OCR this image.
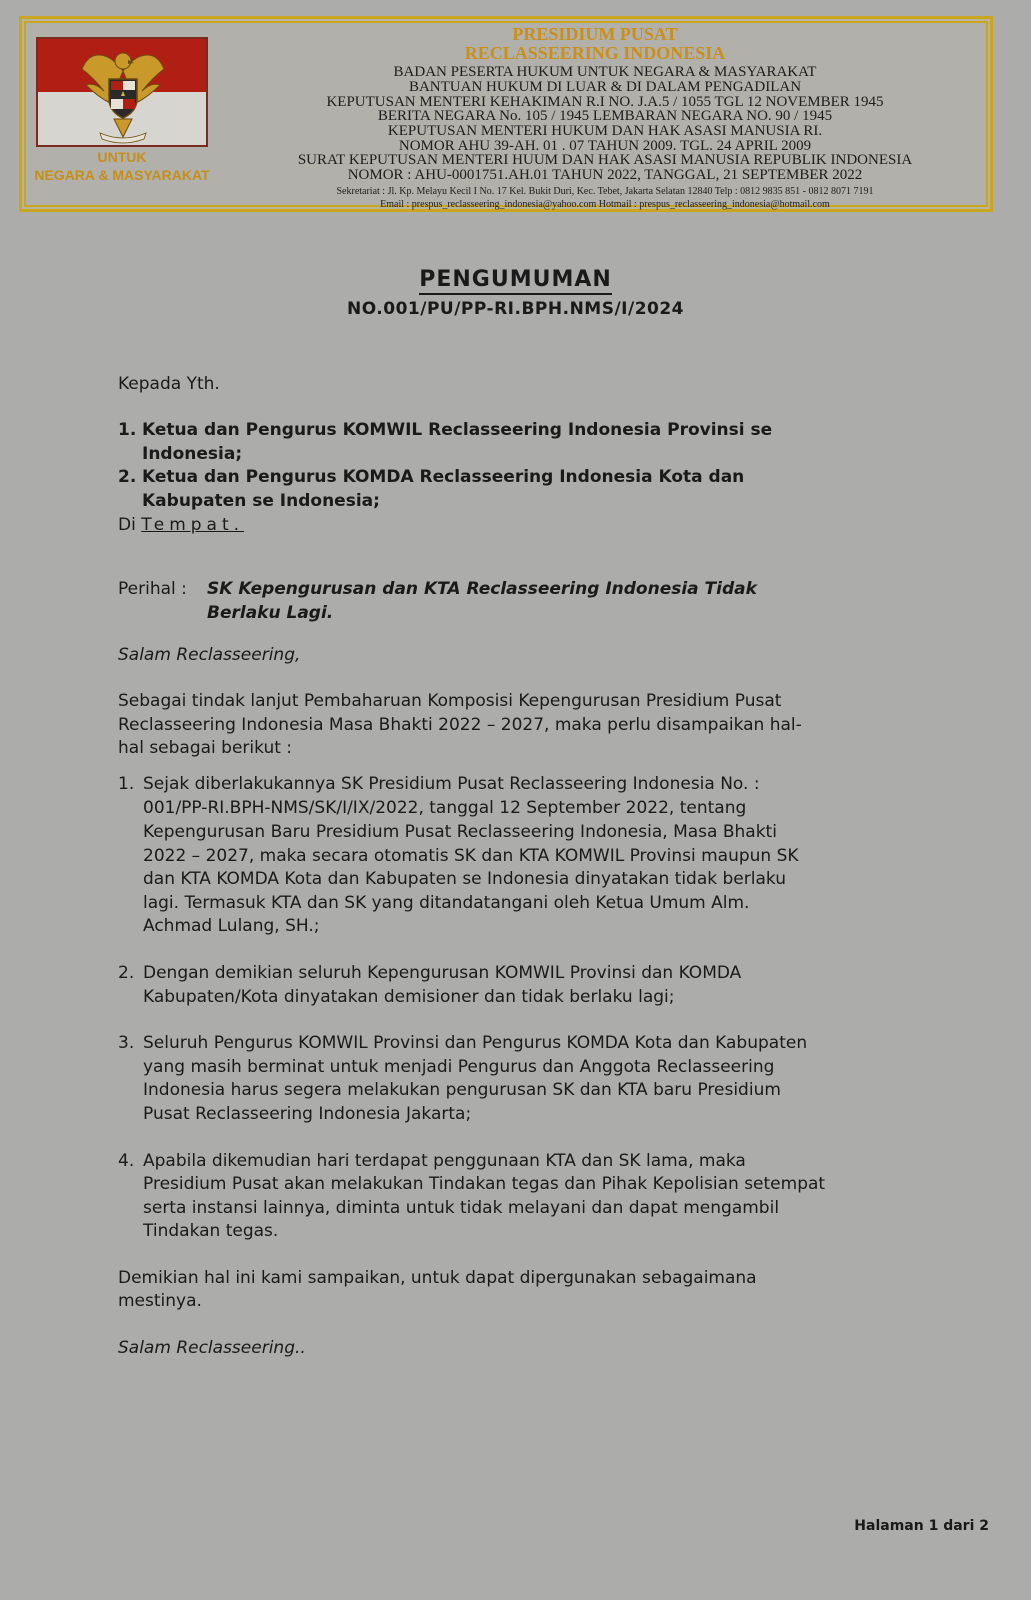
UNTUK
NEGARA & MASYARAKAT
PRESIDIUM PUSAT
RECLASSEERING INDONESIA
BADAN PESERTA HUKUM UNTUK NEGARA & MASYARAKAT
BANTUAN HUKUM DI LUAR & DI DALAM PENGADILAN
KEPUTUSAN MENTERI KEHAKIMAN R.I NO. J.A.5 / 1055 TGL 12 NOVEMBER 1945
BERITA NEGARA No. 105 / 1945 LEMBARAN NEGARA NO. 90 / 1945
KEPUTUSAN MENTERI HUKUM DAN HAK ASASI MANUSIA RI.
NOMOR AHU 39-AH. 01 . 07 TAHUN 2009. TGL. 24 APRIL 2009
SURAT KEPUTUSAN MENTERI HUUM DAN HAK ASASI MANUSIA REPUBLIK INDONESIA
NOMOR : AHU-0001751.AH.01 TAHUN 2022, TANGGAL, 21 SEPTEMBER 2022
Sekretariat : Jl. Kp. Melayu Kecil I No. 17 Kel. Bukit Duri, Kec. Tebet, Jakarta Selatan 12840 Telp : 0812 9835 851 - 0812 8071 7191
Email : prespus_reclasseering_indonesia@yahoo.com Hotmail : prespus_reclasseering_indonesia@hotmail.com
PENGUMUMAN
NO.001/PU/PP-RI.BPH.NMS/I/2024
Kepada Yth.
1. Ketua dan Pengurus KOMWIL Reclasseering Indonesia Provinsi se
Indonesia;
2. Ketua dan Pengurus KOMDA Reclasseering Indonesia Kota dan
Kabupaten se Indonesia;
Di Tempat.
Perihal : SK Kepengurusan dan KTA Reclasseering Indonesia Tidak
Berlaku Lagi.
Salam Reclasseering,
Sebagai tindak lanjut Pembaharuan Komposisi Kepengurusan Presidium Pusat
Reclasseering Indonesia Masa Bhakti 2022 – 2027, maka perlu disampaikan hal-
hal sebagai berikut :
1. Sejak diberlakukannya SK Presidium Pusat Reclasseering Indonesia No. :
001/PP-RI.BPH-NMS/SK/I/IX/2022, tanggal 12 September 2022, tentang
Kepengurusan Baru Presidium Pusat Reclasseering Indonesia, Masa Bhakti
2022 – 2027, maka secara otomatis SK dan KTA KOMWIL Provinsi maupun SK
dan KTA KOMDA Kota dan Kabupaten se Indonesia dinyatakan tidak berlaku
lagi. Termasuk KTA dan SK yang ditandatangani oleh Ketua Umum Alm.
Achmad Lulang, SH.;
2. Dengan demikian seluruh Kepengurusan KOMWIL Provinsi dan KOMDA
Kabupaten/Kota dinyatakan demisioner dan tidak berlaku lagi;
3. Seluruh Pengurus KOMWIL Provinsi dan Pengurus KOMDA Kota dan Kabupaten
yang masih berminat untuk menjadi Pengurus dan Anggota Reclasseering
Indonesia harus segera melakukan pengurusan SK dan KTA baru Presidium
Pusat Reclasseering Indonesia Jakarta;
4. Apabila dikemudian hari terdapat penggunaan KTA dan SK lama, maka
Presidium Pusat akan melakukan Tindakan tegas dan Pihak Kepolisian setempat
serta instansi lainnya, diminta untuk tidak melayani dan dapat mengambil
Tindakan tegas.
Demikian hal ini kami sampaikan, untuk dapat dipergunakan sebagaimana
mestinya.
Salam Reclasseering..
Halaman 1 dari 2
